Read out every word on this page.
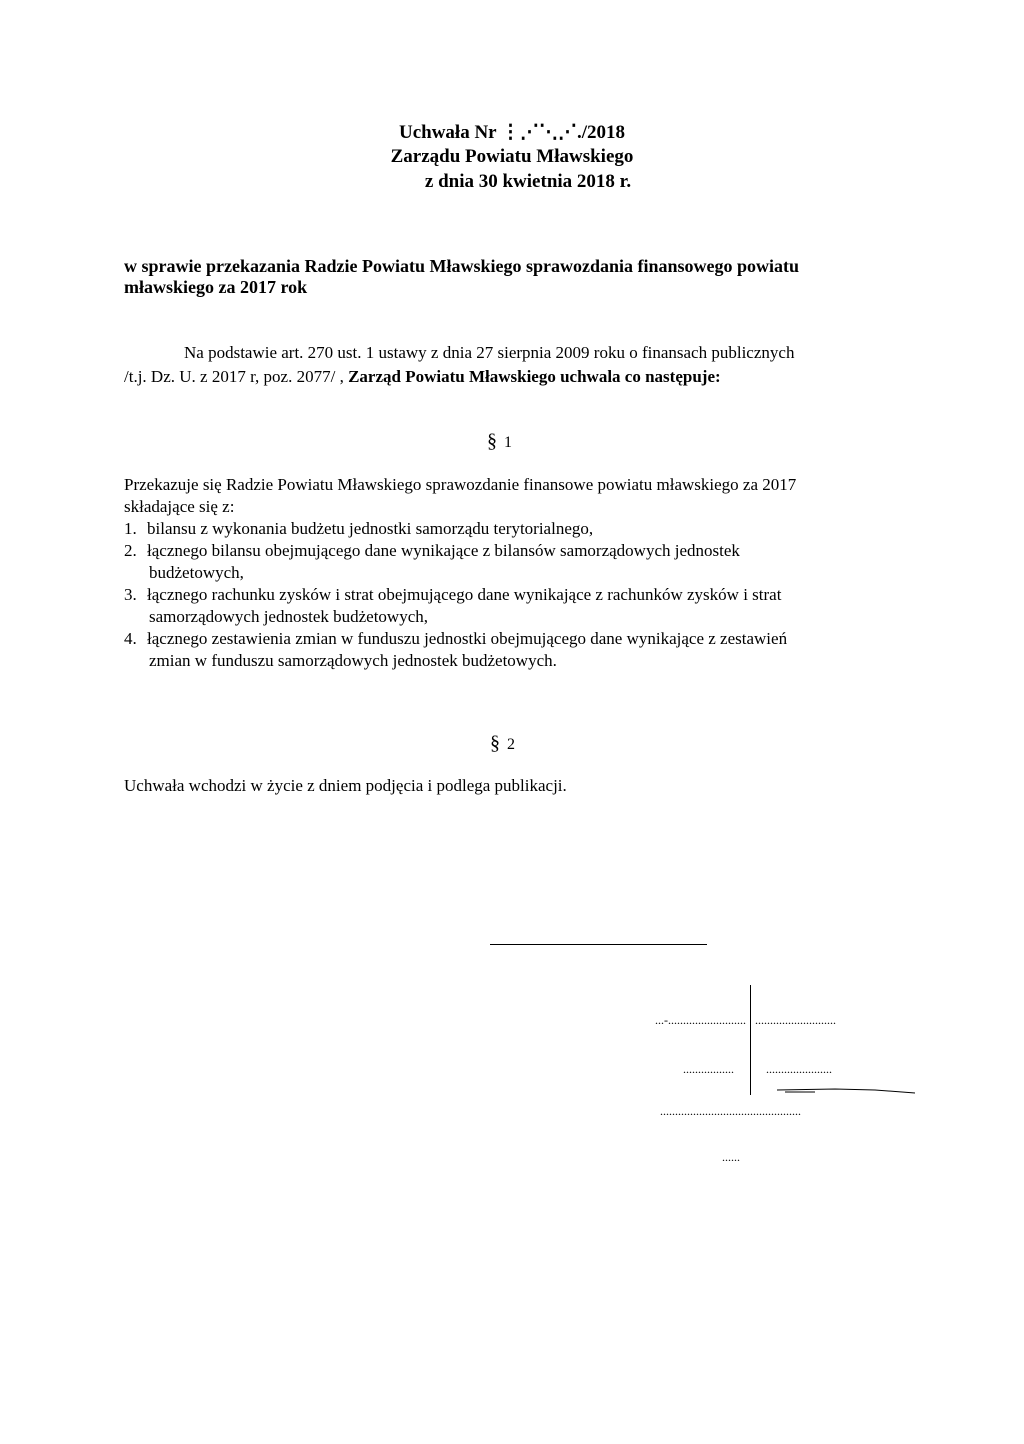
Uchwała Nr ⋮⋰⋱⋰./2018
Zarządu Powiatu Mławskiego
z dnia 30 kwietnia 2018 r.
w sprawie przekazania Radzie Powiatu Mławskiego sprawozdania finansowego powiatu
mławskiego za 2017 rok
Na podstawie art. 270 ust. 1 ustawy z dnia 27 sierpnia 2009 roku o finansach publicznych
/t.j. Dz. U. z 2017 r, poz. 2077/ , Zarząd Powiatu Mławskiego uchwala co następuje:
§ 1
Przekazuje się Radzie Powiatu Mławskiego sprawozdanie finansowe powiatu mławskiego za 2017
składające się z:
1. bilansu z wykonania budżetu jednostki samorządu terytorialnego,
2. łącznego bilansu obejmującego dane wynikające z bilansów samorządowych jednostek
budżetowych,
3. łącznego rachunku zysków i strat obejmującego dane wynikające z rachunków zysków i strat
samorządowych jednostek budżetowych,
4. łącznego zestawienia zmian w funduszu jednostki obejmującego dane wynikające z zestawień
zmian w funduszu samorządowych jednostek budżetowych.
§ 2
Uchwała wchodzi w życie z dniem podjęcia i podlega publikacji.
...-.......................... ...........................
.................	......................
...............................................
......
